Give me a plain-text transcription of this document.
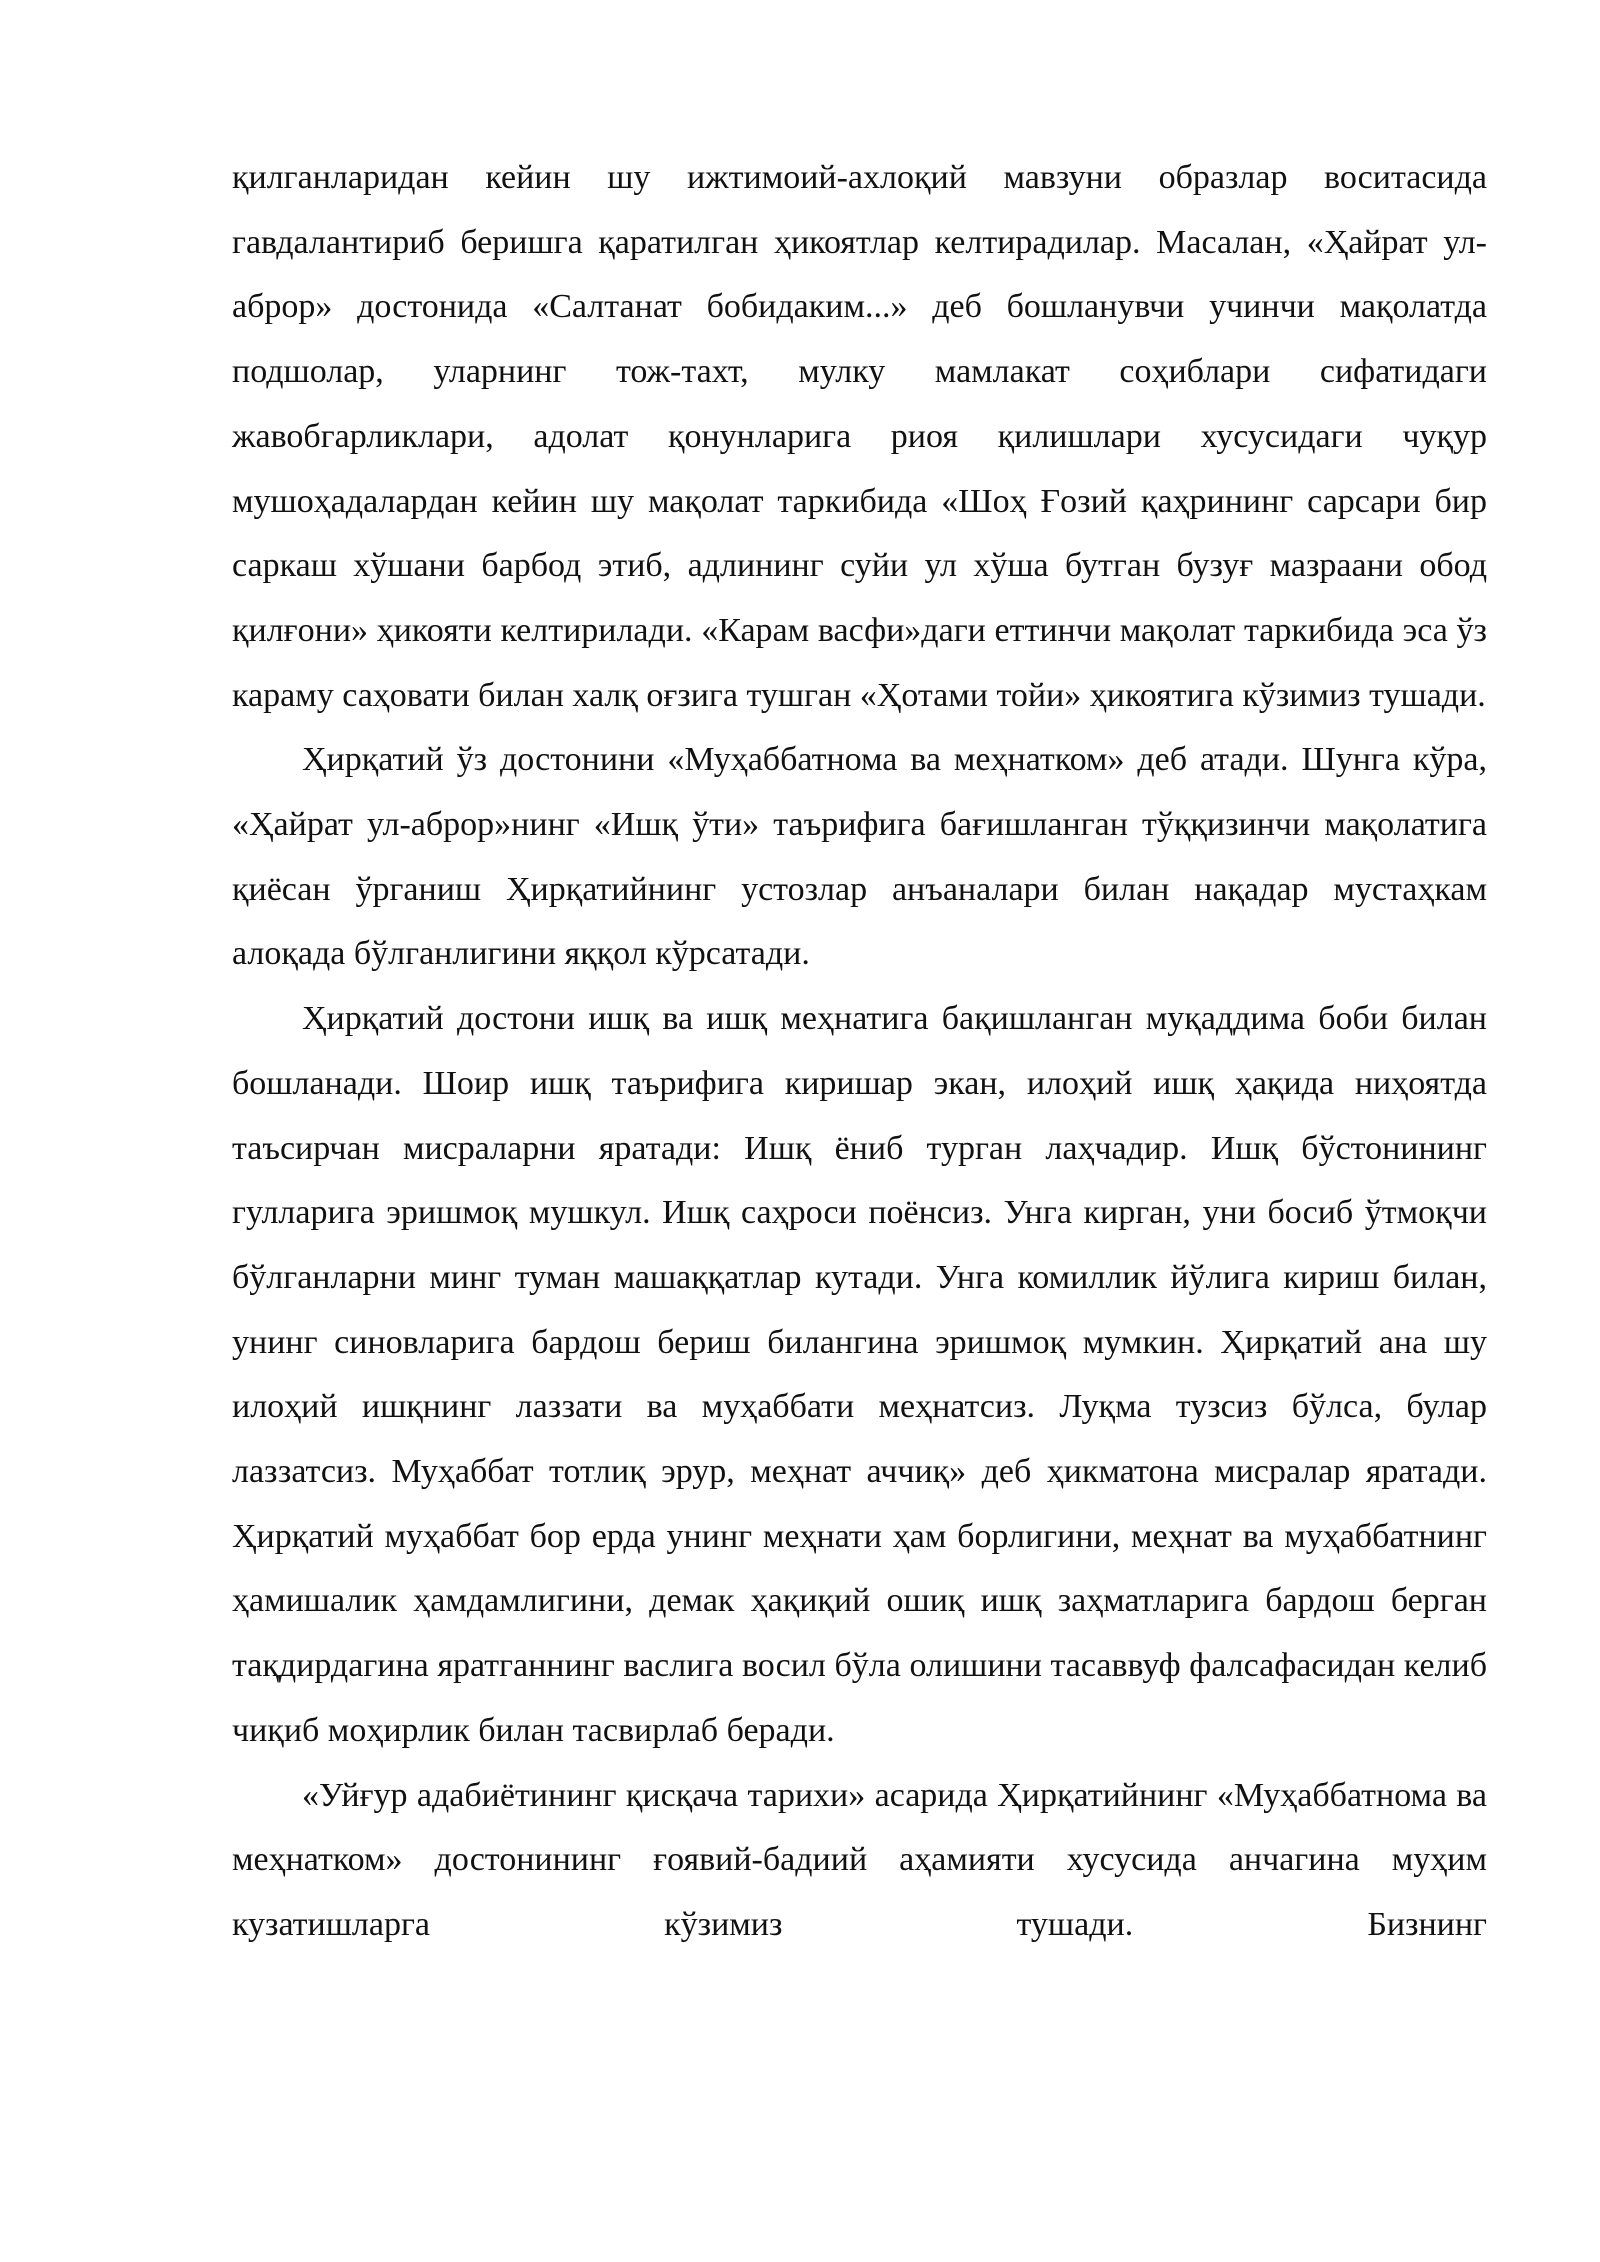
қилганларидан кейин шу ижтимоий-ахлоқий мавзуни образлар воситасида гавдалантириб беришга қаратилган ҳикоятлар келтирадилар. Масалан, «Ҳайрат ул-аброр» достонида «Салтанат бобидаким...» деб бошланувчи учинчи мақолатда подшолар, уларнинг тож-тахт, мулку мамлакат соҳиблари сифатидаги жавобгарликлари, адолат қонунларига риоя қилишлари хусусидаги чуқур мушоҳадалардан кейин шу мақолат таркибида «Шоҳ Ғозий қаҳрининг сарсари бир саркаш хўшани барбод этиб, адлининг суйи ул хўша бутган бузуғ мазраани обод қилғони» ҳикояти келтирилади. «Карам васфи»даги еттинчи мақолат таркибида эса ўз караму саҳовати билан халқ оғзига тушган «Ҳотами тойи» ҳикоятига кўзимиз тушади.

Ҳирқатий ўз достонини «Муҳаббатнома ва меҳнатком» деб атади. Шунга кўра, «Ҳайрат ул-аброр»нинг «Ишқ ўти» таърифига бағишланган тўққизинчи мақолатига қиёсан ўрганиш Ҳирқатийнинг устозлар анъаналари билан нақадар мустаҳкам алоқада бўлганлигини яққол кўрсатади.

Ҳирқатий достони ишқ ва ишқ меҳнатига бақишланган муқаддима боби билан бошланади. Шоир ишқ таърифига киришар экан, илоҳий ишқ ҳақида ниҳоятда таъсирчан мисраларни яратади: Ишқ ёниб турган лаҳчадир. Ишқ бўстонининг гулларига эришмоқ мушкул. Ишқ саҳроси поёнсиз. Унга кирган, уни босиб ўтмоқчи бўлганларни минг туман машаққатлар кутади. Унга комиллик йўлига кириш билан, унинг синовларига бардош бериш билангина эришмоқ мумкин. Ҳирқатий ана шу илоҳий ишқнинг лаззати ва муҳаббати меҳнатсиз. Луқма тузсиз бўлса, булар лаззатсиз. Муҳаббат тотлиқ эрур, меҳнат аччиқ» деб ҳикматона мисралар яратади. Ҳирқатий муҳаббат бор ерда унинг меҳнати ҳам борлигини, меҳнат ва муҳаббатнинг ҳамишалик ҳамдамлигини, демак ҳақиқий ошиқ ишқ заҳматларига бардош берган тақдирдагина яратганнинг васлига восил бўла олишини тасаввуф фалсафасидан келиб чиқиб моҳирлик билан тасвирлаб беради.

«Уйғур адабиётининг қисқача тарихи» асарида Ҳирқатийнинг «Муҳаббатнома ва меҳнатком» достонининг ғоявий-бадиий аҳамияти хусусида анчагина муҳим кузатишларга кўзимиз тушади. Бизнинг
